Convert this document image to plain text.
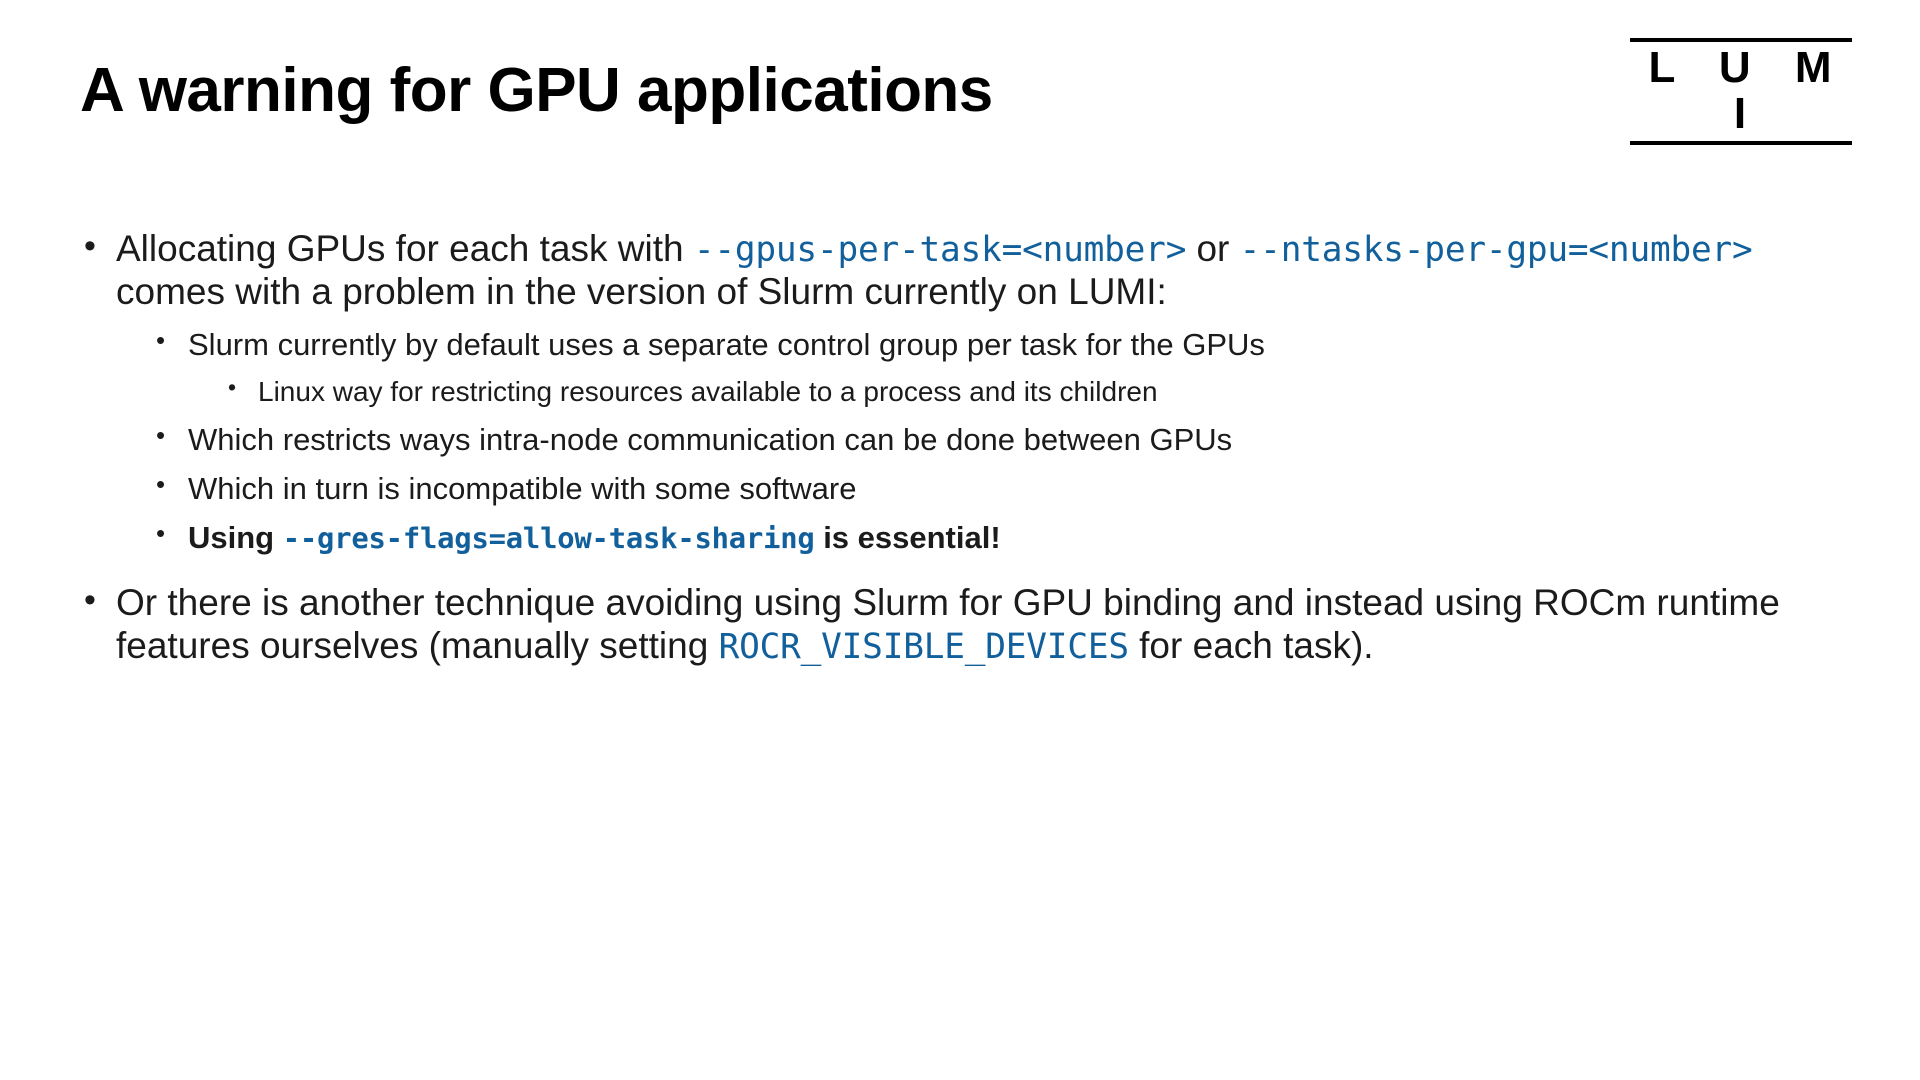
A warning for GPU applications	L U M I
• Allocating GPUs for each task with --gpus-per-task=<number> or --ntasks-per-gpu=<number> comes with a problem in the version of Slurm currently on LUMI:
• Slurm currently by default uses a separate control group per task for the GPUs
• Linux way for restricting resources available to a process and its children
• Which restricts ways intra-node communication can be done between GPUs
• Which in turn is incompatible with some software
• Using --gres-flags=allow-task-sharing is essential!
• Or there is another technique avoiding using Slurm for GPU binding and instead using ROCm runtime features ourselves (manually setting ROCR_VISIBLE_DEVICES for each task).
